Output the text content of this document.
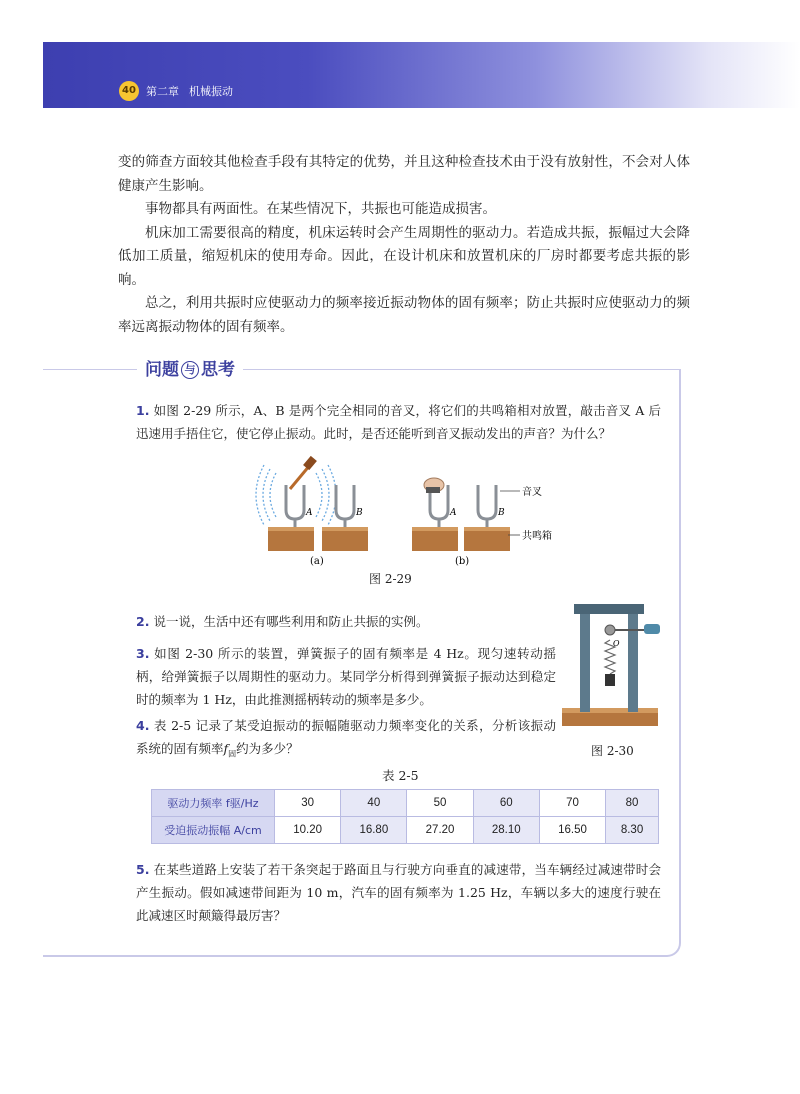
40 第二章 机械振动

变的筛查方面较其他检查手段有其特定的优势，并且这种检查技术由于没有放射性，不会对人体健康产生影响。

事物都具有两面性。在某些情况下，共振也可能造成损害。

机床加工需要很高的精度，机床运转时会产生周期性的驱动力。若造成共振，振幅过大会降低加工质量，缩短机床的使用寿命。因此，在设计机床和放置机床的厂房时都要考虑共振的影响。

总之，利用共振时应使驱动力的频率接近振动物体的固有频率；防止共振时应使驱动力的频率远离振动物体的固有频率。

问题 与 思考
1. 如图 2-29 所示，A、B 是两个完全相同的音叉，将它们的共鸣箱相对放置，敲击音叉 A 后迅速用手捂住它，使它停止振动。此时，是否还能听到音叉振动发出的声音？为什么？
A	B
(a)
A	B
(b)
音叉
共鸣箱
图 2-29
2. 说一说，生活中还有哪些利用和防止共振的实例。
3. 如图 2-30 所示的装置，弹簧振子的固有频率是 4 Hz。现匀速转动摇柄，给弹簧振子以周期性的驱动力。某同学分析得到弹簧振子振动达到稳定时的频率为 1 Hz，由此推测摇柄转动的频率是多少。
4. 表 2-5 记录了某受迫振动的振幅随驱动力频率变化的关系，分析该振动系统的固有频率$f_固$约为多少？
O
图 2-30
表 2-5
驱动力频率 f驱/Hz	30	40	50	60	70	80
受迫振动振幅 A/cm	10.20	16.80	27.20	28.10	16.50	8.30
5. 在某些道路上安装了若干条突起于路面且与行驶方向垂直的减速带，当车辆经过减速带时会产生振动。假如减速带间距为 10 m，汽车的固有频率为 1.25 Hz，车辆以多大的速度行驶在此减速区时颠簸得最厉害？
